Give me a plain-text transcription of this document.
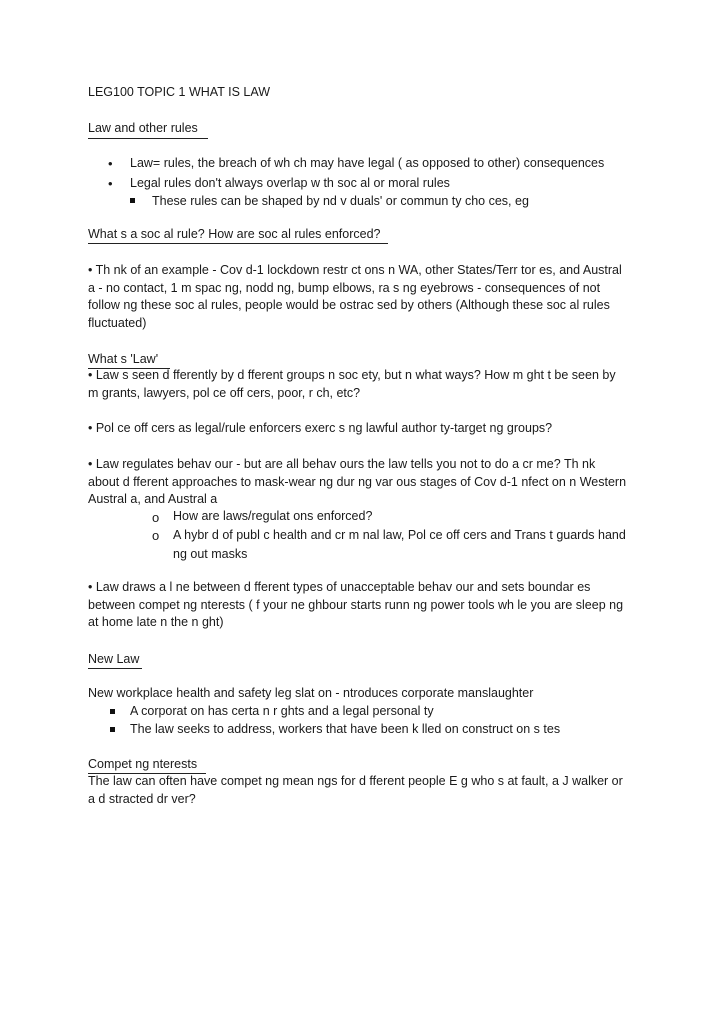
LEG100 TOPIC 1 WHAT IS LAW

Law and other rules

• Law= rules, the breach of wh ch may have legal ( as opposed to other) consequences
• Legal rules don't always overlap w th soc al or moral rules
These rules can be shaped by nd v duals' or commun ty cho ces, eg

What s a soc al rule? How are soc al rules enforced?

• Th nk of an example - Cov d-1 lockdown restr ct ons n WA, other States/Terr tor es, and Austral a - no contact, 1 m spac ng, nodd ng, bump elbows, ra s ng eyebrows - consequences of not follow ng these soc al rules, people would be ostrac sed by others (Although these soc al rules fluctuated)

What s 'Law'

• Law s seen d fferently by d fferent groups n soc ety, but n what ways? How m ght t be seen by m grants, lawyers, pol ce off cers, poor, r ch, etc?

• Pol ce off cers as legal/rule enforcers exerc s ng lawful author ty-target ng groups?

• Law regulates behav our - but are all behav ours the law tells you not to do a cr me? Th nk about d fferent approaches to mask-wear ng dur ng var ous stages of Cov d-1 nfect on n Western Austral a, and Austral a

o How are laws/regulat ons enforced?

o A hybr d of publ c health and cr m nal law, Pol ce off cers and Trans t guards hand ng out masks

• Law draws a l ne between d fferent types of unacceptable behav our and sets boundar es between compet ng nterests ( f your ne ghbour starts runn ng power tools wh le you are sleep ng at home late n the n ght)

New Law

New workplace health and safety leg slat on - ntroduces corporate manslaughter

A corporat on has certa n r ghts and a legal personal ty

The law seeks to address, workers that have been k lled on construct on s tes

Compet ng nterests

The law can often have compet ng mean ngs for d fferent people E g who s at fault, a J walker or a d stracted dr ver?
